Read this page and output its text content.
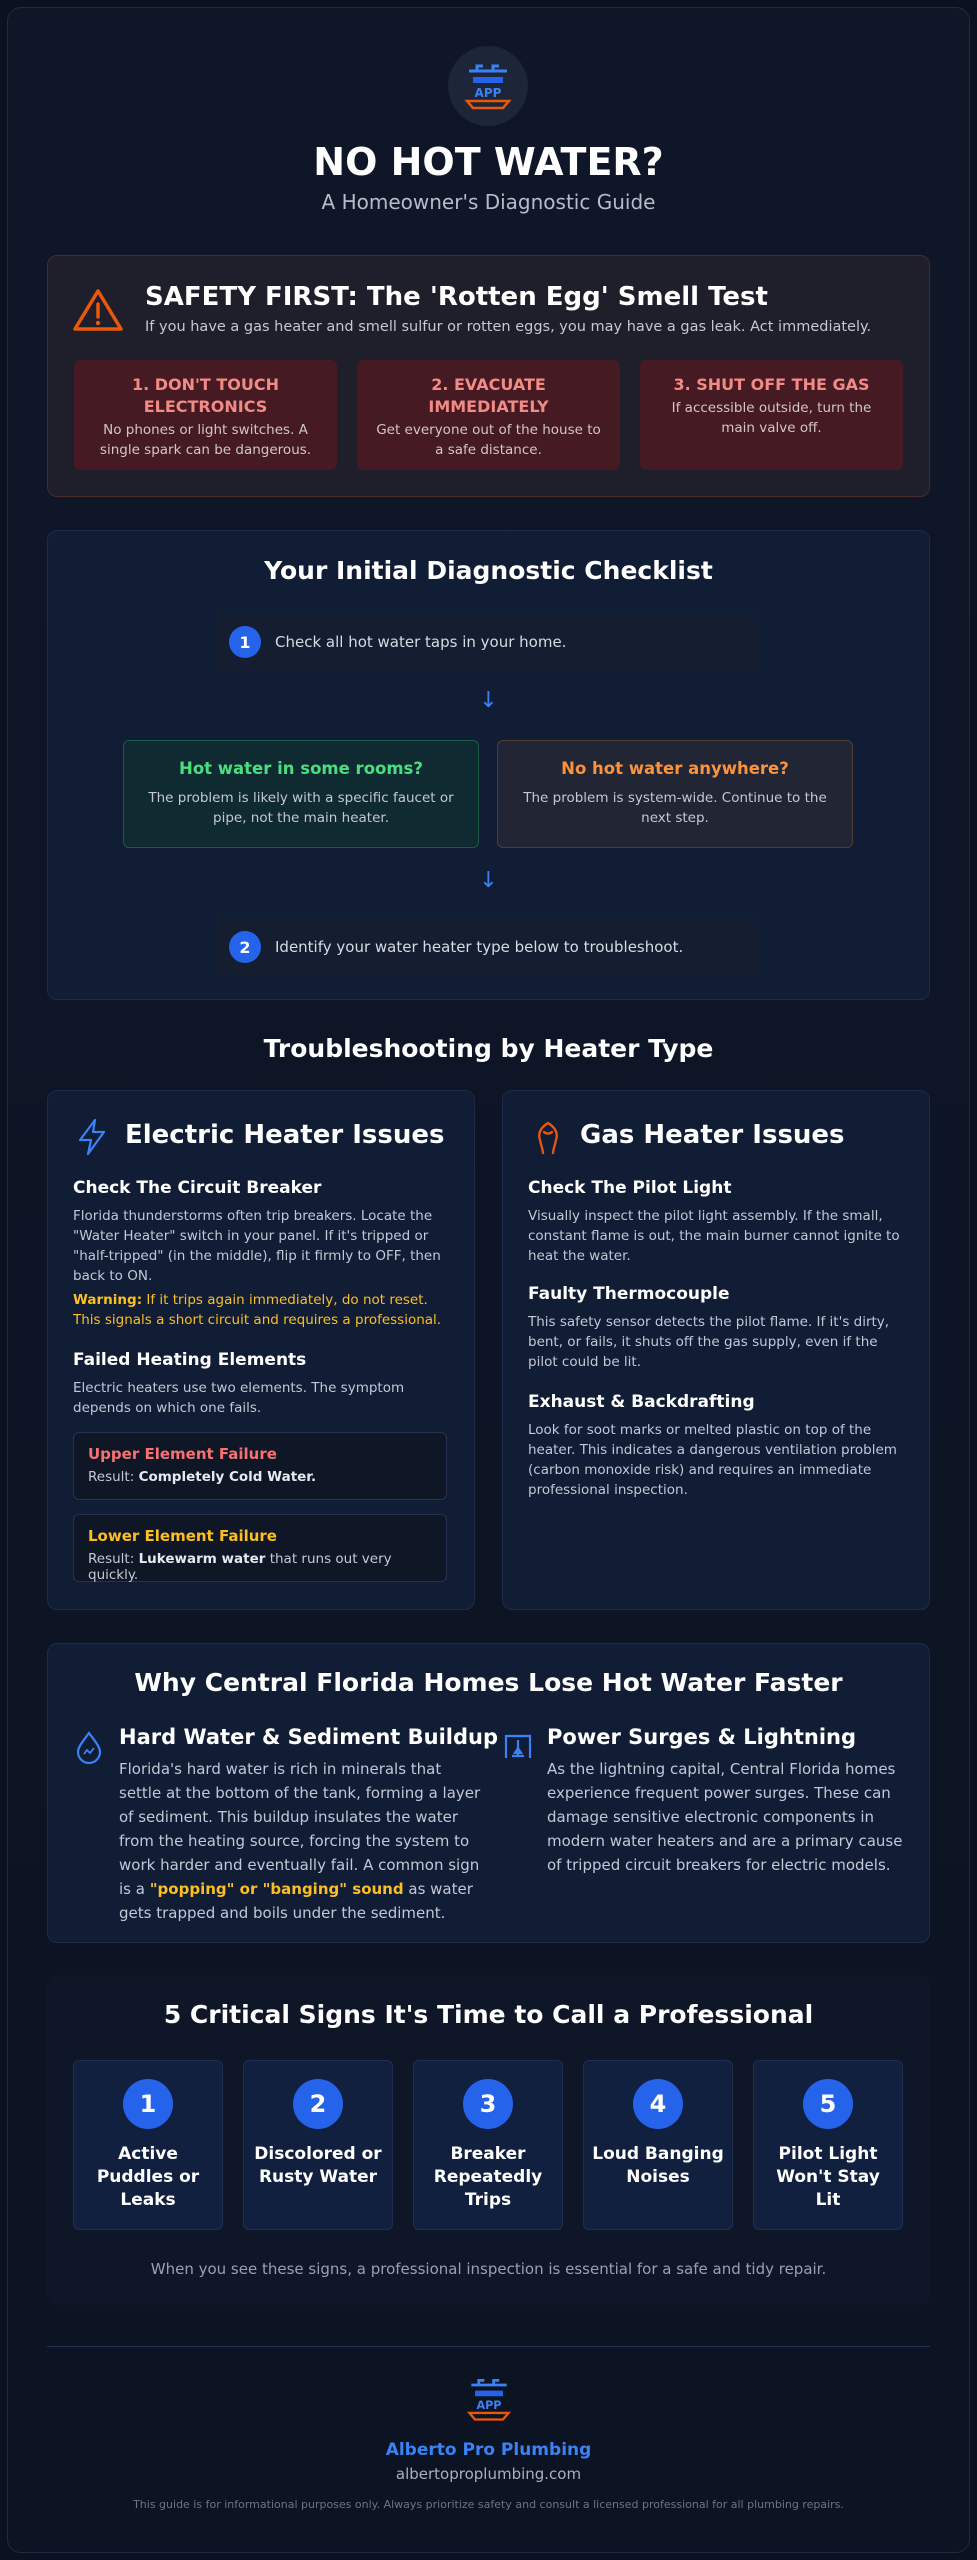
APP
NO HOT WATER?
A Homeowner's Diagnostic Guide
SAFETY FIRST: The 'Rotten Egg' Smell Test
If you have a gas heater and smell sulfur or rotten eggs, you may have a gas leak. Act immediately.
1. DON'T TOUCH ELECTRONICS
No phones or light switches. A single spark can be dangerous.
2. EVACUATE IMMEDIATELY
Get everyone out of the house to a safe distance.
3. SHUT OFF THE GAS
If accessible outside, turn the main valve off.
Your Initial Diagnostic Checklist
1	Check all hot water taps in your home.
↓
Hot water in some rooms?
The problem is likely with a specific faucet or pipe, not the main heater.
No hot water anywhere?
The problem is system-wide. Continue to the next step.
↓
2	Identify your water heater type below to troubleshoot.
Troubleshooting by Heater Type
Electric Heater Issues
Check The Circuit Breaker
Florida thunderstorms often trip breakers. Locate the "Water Heater" switch in your panel. If it's tripped or "half-tripped" (in the middle), flip it firmly to OFF, then back to ON.
Warning: If it trips again immediately, do not reset. This signals a short circuit and requires a professional.
Failed Heating Elements
Electric heaters use two elements. The symptom depends on which one fails.
Upper Element Failure
Result: Completely Cold Water.
Lower Element Failure
Result: Lukewarm water that runs out very quickly.
Gas Heater Issues
Check The Pilot Light
Visually inspect the pilot light assembly. If the small, constant flame is out, the main burner cannot ignite to heat the water.
Faulty Thermocouple
This safety sensor detects the pilot flame. If it's dirty, bent, or fails, it shuts off the gas supply, even if the pilot could be lit.
Exhaust & Backdrafting
Look for soot marks or melted plastic on top of the heater. This indicates a dangerous ventilation problem (carbon monoxide risk) and requires an immediate professional inspection.
Why Central Florida Homes Lose Hot Water Faster
Hard Water & Sediment Buildup
Florida's hard water is rich in minerals that settle at the bottom of the tank, forming a layer of sediment. This buildup insulates the water from the heating source, forcing the system to work harder and eventually fail. A common sign is a "popping" or "banging" sound as water gets trapped and boils under the sediment.
Power Surges & Lightning
As the lightning capital, Central Florida homes experience frequent power surges. These can damage sensitive electronic components in modern water heaters and are a primary cause of tripped circuit breakers for electric models.
5 Critical Signs It's Time to Call a Professional
1
Active Puddles or Leaks
2
Discolored or Rusty Water
3
Breaker Repeatedly Trips
4
Loud Banging Noises
5
Pilot Light Won't Stay Lit
When you see these signs, a professional inspection is essential for a safe and tidy repair.
APP
Alberto Pro Plumbing
albertoproplumbing.com
This guide is for informational purposes only. Always prioritize safety and consult a licensed professional for all plumbing repairs.
